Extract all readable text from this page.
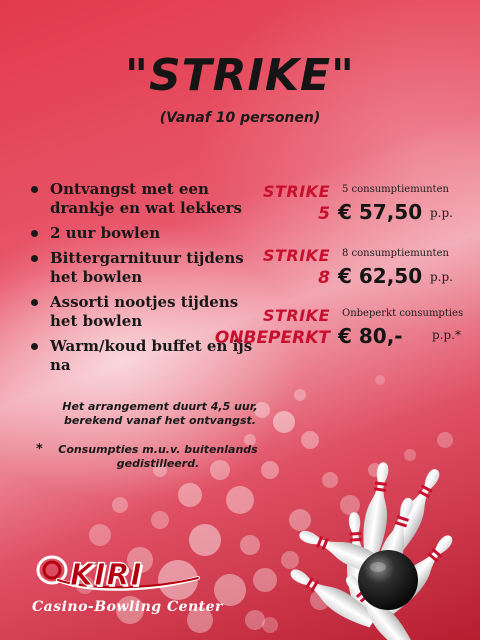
"STRIKE"
(Vanaf 10 personen)
Ontvangst met een drankje en wat lekkers
2 uur bowlen
Bittergarnituur tijdens het bowlen
Assorti nootjes tijdens het bowlen
Warm/koud buffet en ijs na
STRIKE
5
5 consumptiemunten
€ 57,50 p.p.
STRIKE
8
8 consumptiemunten
€ 62,50 p.p.
STRIKE
ONBEPERKT
Onbeperkt consumpties
€ 80,- p.p.*
Het arrangement duurt 4,5 uur, berekend vanaf het ontvangst.
*	Consumpties m.u.v. buitenlands gedistilleerd.
KIRI
Casino-Bowling Center
